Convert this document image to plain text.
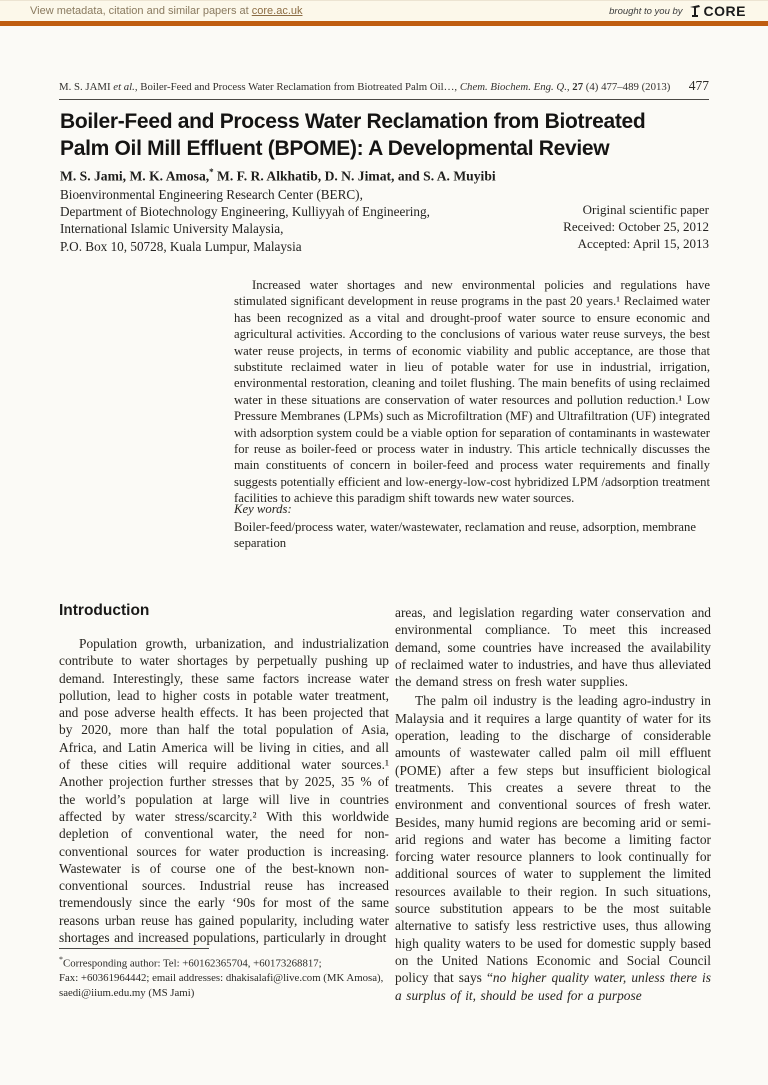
View metadata, citation and similar papers at core.ac.uk	brought to you by CORE
M. S. JAMI et al., Boiler-Feed and Process Water Reclamation from Biotreated Palm Oil…, Chem. Biochem. Eng. Q., 27 (4) 477–489 (2013) 477
Boiler-Feed and Process Water Reclamation from Biotreated
Palm Oil Mill Effluent (BPOME): A Developmental Review
M. S. Jami, M. K. Amosa,* M. F. R. Alkhatib, D. N. Jimat, and S. A. Muyibi
Bioenvironmental Engineering Research Center (BERC),
Department of Biotechnology Engineering, Kulliyyah of Engineering,
International Islamic University Malaysia,
P.O. Box 10, 50728, Kuala Lumpur, Malaysia
Original scientific paper
Received: October 25, 2012
Accepted: April 15, 2013

Increased water shortages and new environmental policies and regulations have stimulated significant development in reuse programs in the past 20 years.¹ Reclaimed water has been recognized as a vital and drought-proof water source to ensure economic and agricultural activities. According to the conclusions of various water reuse surveys, the best water reuse projects, in terms of economic viability and public acceptance, are those that substitute reclaimed water in lieu of potable water for use in industrial, irrigation, environmental restoration, cleaning and toilet flushing. The main benefits of using reclaimed water in these situations are conservation of water resources and pollution reduction.¹ Low Pressure Membranes (LPMs) such as Microfiltration (MF) and Ultrafiltration (UF) integrated with adsorption system could be a viable option for separation of contaminants in wastewater for reuse as boiler-feed or process water in industry. This article technically discusses the main constituents of concern in boiler-feed and process water requirements and finally suggests potentially efficient and low-energy-low-cost hybridized LPM /adsorption treatment facilities to achieve this paradigm shift towards new water sources.

Key words:
Boiler-feed/process water, water/wastewater, reclamation and reuse, adsorption, membrane separation
Introduction

Population growth, urbanization, and industrialization contribute to water shortages by perpetually pushing up demand. Interestingly, these same factors increase water pollution, lead to higher costs in potable water treatment, and pose adverse health effects. It has been projected that by 2020, more than half the total population of Asia, Africa, and Latin America will be living in cities, and all of these cities will require additional water sources.¹ Another projection further stresses that by 2025, 35 % of the world’s population at large will live in countries affected by water stress/scarcity.² With this worldwide depletion of conventional water, the need for non-conventional sources for water production is increasing. Wastewater is of course one of the best-known non-conventional sources. Industrial reuse has increased tremendously since the early ‘90s for most of the same reasons urban reuse has gained popularity, including water shortages and increased populations, particularly in drought

*Corresponding author: Tel: +60162365704, +60173268817;
Fax: +60361964442; email addresses: dhakisalafi@live.com (MK Amosa),
saedi@iium.edu.my (MS Jami)

areas, and legislation regarding water conservation and environmental compliance. To meet this increased demand, some countries have increased the availability of reclaimed water to industries, and have thus alleviated the demand stress on fresh water supplies.

The palm oil industry is the leading agro-industry in Malaysia and it requires a large quantity of water for its operation, leading to the discharge of considerable amounts of wastewater called palm oil mill effluent (POME) after a few steps but insufficient biological treatments. This creates a severe threat to the environment and conventional sources of fresh water. Besides, many humid regions are becoming arid or semi-arid regions and water has become a limiting factor forcing water resource planners to look continually for additional sources of water to supplement the limited resources available to their region. In such situations, source substitution appears to be the most suitable alternative to satisfy less restrictive uses, thus allowing high quality waters to be used for domestic supply based on the United Nations Economic and Social Council policy that says “no higher quality water, unless there is a surplus of it, should be used for a purpose
